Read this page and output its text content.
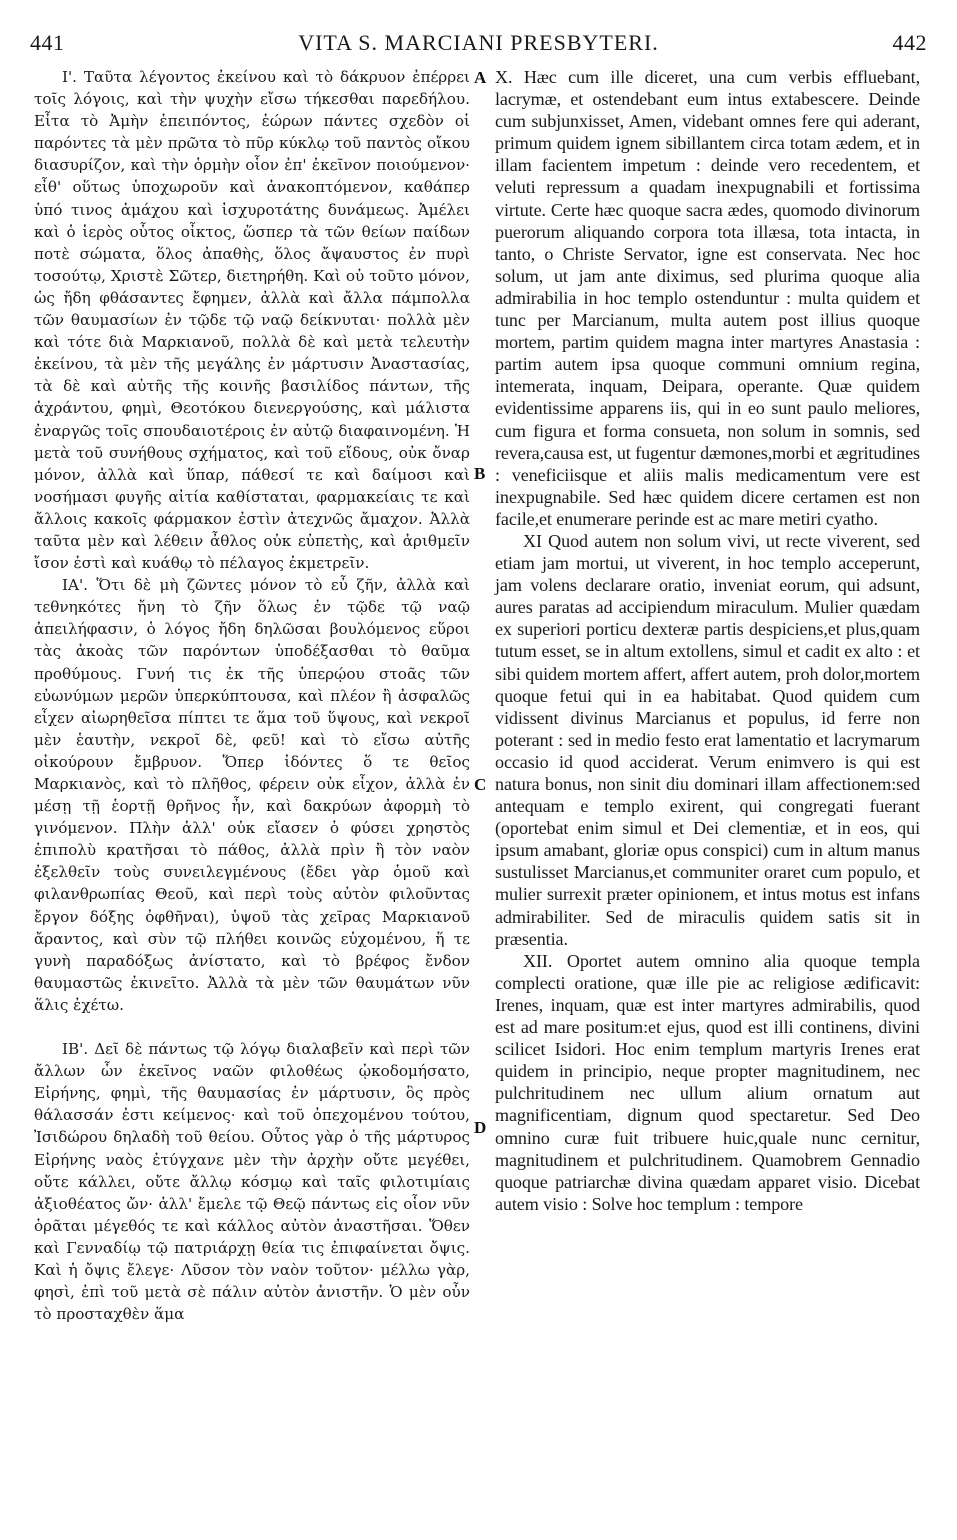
441	VITA S. MARCIANI PRESBYTERI.	442

Ι'. Ταῦτα λέγοντος ἐκείνου καὶ τὸ δάκρυον ἐπέρρει τοῖς λόγοις, καὶ τὴν ψυχὴν εἴσω τήκεσθαι παρεδήλου. Εἶτα τὸ Ἀμὴν ἐπειπόντος, ἑώρων πάντες σχεδὸν οἱ παρόντες τὰ μὲν πρῶτα τὸ πῦρ κύκλῳ τοῦ παντὸς οἴκου διασυρίζον, καὶ τὴν ὁρμὴν οἷον ἐπ' ἐκεῖνον ποιούμενον· εἶθ' οὕτως ὑποχωροῦν καὶ ἀνακοπτόμενον, καθάπερ ὑπό τινος ἀμάχου καὶ ἰσχυροτάτης δυνάμεως. Ἀμέλει καὶ ὁ ἱερὸς οὗτος οἶκτος, ὥσπερ τὰ τῶν θείων παίδων ποτὲ σώματα, ὅλος ἀπαθὴς, ὅλος ἄψαυστος ἐν πυρὶ τοσούτῳ, Χριστὲ Σῶτερ, διετηρήθη. Καὶ οὐ τοῦτο μόνον, ὡς ἤδη φθάσαντες ἔφημεν, ἀλλὰ καὶ ἄλλα πάμπολλα τῶν θαυμασίων ἐν τῷδε τῷ ναῷ δείκνυται· πολλὰ μὲν καὶ τότε διὰ Μαρκιανοῦ, πολλὰ δὲ καὶ μετὰ τελευτὴν ἐκείνου, τὰ μὲν τῆς μεγάλης ἐν μάρτυσιν Ἀναστασίας, τὰ δὲ καὶ αὐτῆς τῆς κοινῆς βασιλίδος πάντων, τῆς ἀχράντου, φημὶ, Θεοτόκου διενεργούσης, καὶ μάλιστα ἐναργῶς τοῖς σπουδαιοτέροις ἐν αὐτῷ διαφαινομένη. Ἡ μετὰ τοῦ συνήθους σχήματος, καὶ τοῦ εἴδους, οὐκ ὄναρ μόνον, ἀλλὰ καὶ ὕπαρ, πάθεσί τε καὶ δαίμοσι καὶ νοσήμασι φυγῆς αἰτία καθίσταται, φαρμακείαις τε καὶ ἄλλοις κακοῖς φάρμακον ἐστὶν ἀτεχνῶς ἄμαχον. Ἀλλὰ ταῦτα μὲν καὶ λέθειν ἆθλος οὐκ εὐπετὴς, καὶ ἀριθμεῖν ἴσον ἐστὶ καὶ κυάθῳ τὸ πέλαγος ἐκμετρεῖν.

ΙΑ'. Ὅτι δὲ μὴ ζῶντες μόνον τὸ εὖ ζῆν, ἀλλὰ καὶ τεθνηκότες ἤνη τὸ ζῆν ὅλως ἐν τῷδε τῷ ναῷ ἀπειλήφασιν, ὁ λόγος ἤδη δηλῶσαι βουλόμενος εὕροι τὰς ἀκοὰς τῶν παρόντων ὑποδέξασθαι τὸ θαῦμα προθύμους. Γυνή τις ἐκ τῆς ὑπερῴου στοᾶς τῶν εὐωνύμων μερῶν ὑπερκύπτουσα, καὶ πλέον ἢ ἀσφαλῶς εἶχεν αἰωρηθεῖσα πίπτει τε ἅμα τοῦ ὕψους, καὶ νεκροῖ μὲν ἑαυτὴν, νεκροῖ δὲ, φεῦ! καὶ τὸ εἴσω αὐτῆς οἰκούρουν ἔμβρυον. Ὅπερ ἰδόντες ὅ τε θεῖος Μαρκιανὸς, καὶ τὸ πλῆθος, φέρειν οὐκ εἶχον, ἀλλὰ ἐν μέσῃ τῇ ἑορτῇ θρῆνος ἦν, καὶ δακρύων ἀφορμὴ τὸ γινόμενον. Πλὴν ἀλλ' οὐκ εἴασεν ὁ φύσει χρηστὸς ἐπιπολὺ κρατῆσαι τὸ πάθος, ἀλλὰ πρὶν ἢ τὸν ναὸν ἐξελθεῖν τοὺς συνειλεγμένους (ἔδει γὰρ ὁμοῦ καὶ φιλανθρωπίας Θεοῦ, καὶ περὶ τοὺς αὐτὸν φιλοῦντας ἔργον δόξης ὀφθῆναι), ὑψοῦ τὰς χεῖρας Μαρκιανοῦ ἄραντος, καὶ σὺν τῷ πλήθει κοινῶς εὐχομένου, ἥ τε γυνὴ παραδόξως ἀνίστατο, καὶ τὸ βρέφος ἔνδον θαυμαστῶς ἐκινεῖτο. Ἀλλὰ τὰ μὲν τῶν θαυμάτων νῦν ἅλις ἐχέτω.

ΙΒ'. Δεῖ δὲ πάντως τῷ λόγῳ διαλαβεῖν καὶ περὶ τῶν ἄλλων ὧν ἐκεῖνος ναῶν φιλοθέως ᾠκοδομήσατο, Εἰρήνης, φημὶ, τῆς θαυμασίας ἐν μάρτυσιν, ὃς πρὸς θάλασσάν ἐστι κείμενος· καὶ τοῦ ὀπεχομένου τούτου, Ἰσιδώρου δηλαδὴ τοῦ θείου. Οὗτος γὰρ ὁ τῆς μάρτυρος Εἰρήνης ναὸς ἐτύγχανε μὲν τὴν ἀρχὴν οὔτε μεγέθει, οὔτε κάλλει, οὔτε ἄλλῳ κόσμῳ καὶ ταῖς φιλοτιμίαις ἀξιοθέατος ὤν· ἀλλ' ἔμελε τῷ Θεῷ πάντως εἰς οἷον νῦν ὁρᾶται μέγεθός τε καὶ κάλλος αὐτὸν ἀναστῆσαι. Ὅθεν καὶ Γενναδίῳ τῷ πατριάρχῃ θεία τις ἐπιφαίνεται ὄψις. Καὶ ἡ ὄψις ἔλεγε· Λῦσον τὸν ναὸν τοῦτον· μέλλω γὰρ, φησὶ, ἐπὶ τοῦ μετὰ σὲ πάλιν αὐτὸν ἀνιστῆν. Ὁ μὲν οὖν τὸ προσταχθὲν ἅμα

A
B
C
D

X. Hæc cum ille diceret, una cum verbis effluebant, lacrymæ, et ostendebant eum intus extabescere. Deinde cum subjunxisset, Amen, videbant omnes fere qui aderant, primum quidem ignem sibillantem circa totam ædem, et in illam facientem impetum : deinde vero recedentem, et veluti repressum a quadam inexpugnabili et fortissima virtute. Certe hæc quoque sacra ædes, quomodo divinorum puerorum aliquando corpora tota illæsa, tota intacta, in tanto, o Christe Servator, igne est conservata. Nec hoc solum, ut jam ante diximus, sed plurima quoque alia admirabilia in hoc templo ostenduntur : multa quidem et tunc per Marcianum, multa autem post illius quoque mortem, partim quidem magna inter martyres Anastasia : partim autem ipsa quoque communi omnium regina, intemerata, inquam, Deipara, operante. Quæ quidem evidentissime apparens iis, qui in eo sunt paulo meliores, cum figura et forma consueta, non solum in somnis, sed revera,causa est, ut fugentur dæmones,morbi et ægritudines : veneficiisque et aliis malis medicamentum vere est inexpugnabile. Sed hæc quidem dicere certamen est non facile,et enumerare perinde est ac mare metiri cyatho.

XI Quod autem non solum vivi, ut recte viverent, sed etiam jam mortui, ut viverent, in hoc templo acceperunt, jam volens declarare oratio, inveniat eorum, qui adsunt, aures paratas ad accipiendum miraculum. Mulier quædam ex superiori porticu dexteræ partis despiciens,et plus,quam tutum esset, se in altum extollens, simul et cadit ex alto : et sibi quidem mortem affert, affert autem, proh dolor,mortem quoque fetui qui in ea habitabat. Quod quidem cum vidissent divinus Marcianus et populus, id ferre non poterant : sed in medio festo erat lamentatio et lacrymarum occasio id quod acciderat. Verum enimvero is qui est natura bonus, non sinit diu dominari illam affectionem:sed antequam e templo exirent, qui congregati fuerant (oportebat enim simul et Dei clementiæ, et in eos, qui ipsum amabant, gloriæ opus conspici) cum in altum manus sustulisset Marcianus,et communiter oraret cum populo, et mulier surrexit præter opinionem, et intus motus est infans admirabiliter. Sed de miraculis quidem satis sit in præsentia.

XII. Oportet autem omnino alia quoque templa complecti oratione, quæ ille pie ac religiose ædificavit: Irenes, inquam, quæ est inter martyres admirabilis, quod est ad mare positum:et ejus, quod est illi continens, divini scilicet Isidori. Hoc enim templum martyris Irenes erat quidem in principio, neque propter magnitudinem, nec pulchritudinem nec ullum alium ornatum aut magnificentiam, dignum quod spectaretur. Sed Deo omnino curæ fuit tribuere huic,quale nunc cernitur, magnitudinem et pulchritudinem. Quamobrem Gennadio quoque patriarchæ divina quædam apparet visio. Dicebat autem visio : Solve hoc templum : tempore
